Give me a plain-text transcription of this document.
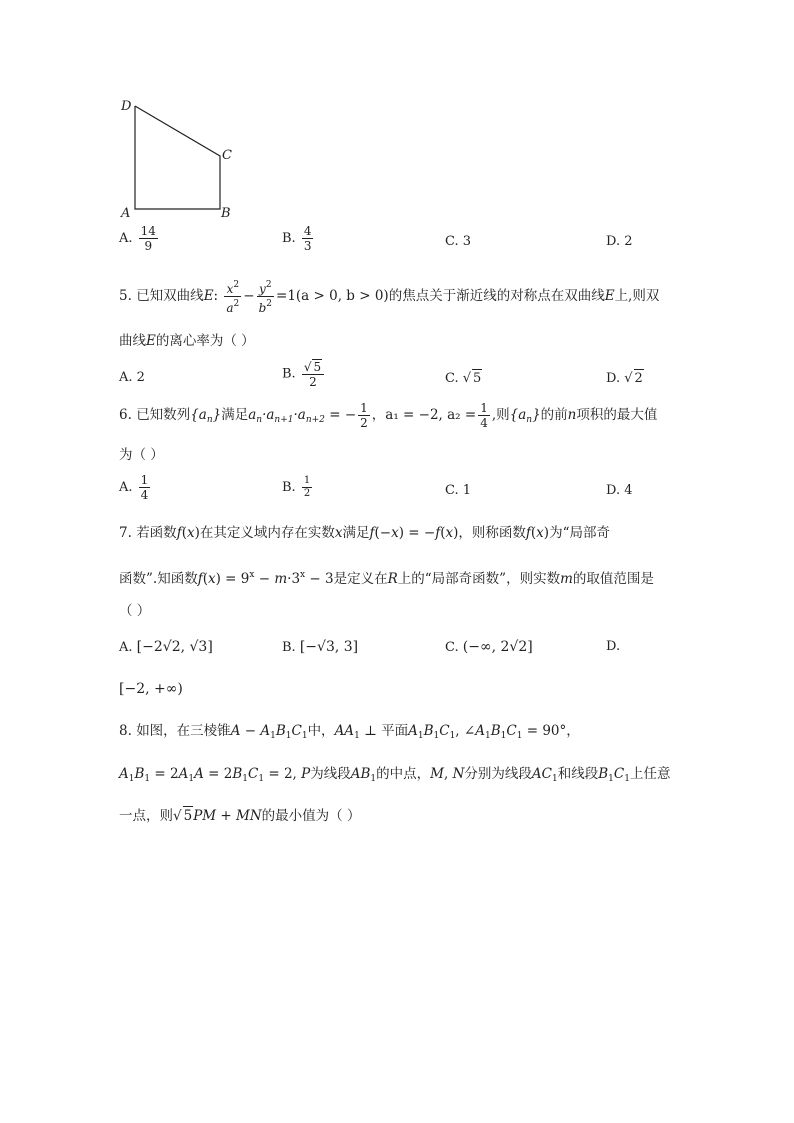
D
C
A	B
A. $\frac{14}{9}$	B. $\frac{4}{3}$	C. 3	D. 2
5. 已知双曲线E: $\frac{x^2}{a^2} - \frac{y^2}{b^2} =1(a > 0$, b > 0)的焦点关于渐近线的对称点在双曲线E上,则双
曲线E的离心率为（ ）
A. 2	B. $\frac{√ 5}{2}$	C. √ 5	D. √ 2
6. 已知数列$\{a_n\}$满足$a_n\cdot a_{n+1}\cdot a_{n+2}$ = − $\frac{1}{2}$ ，a₁ = −2, $a_2 = \frac{1}{4}$ ,则$\{a_n\}$的前n项积的最大值
为（ ）
A. $\frac{1}{4}$	B. $\frac{1}{2}$	C. 1	D. 4
7. 若函数f(x)在其定义域内存在实数x满足f(−x) = −f(x)，则称函数f(x)为“局部奇
函数”.知函数$f(x) = 9^x - m\cdot 3^x - 3$是定义在R上的“局部奇函数”，则实数m的取值范围是
（ ）
A. [−2√2, √3]	B. [−√3, 3]	C. (−∞, 2√2]	D.
[−2, +∞)
8. 如图，在三棱锥$A - A_1B_1C_1$中，$AA_1$ ⊥ 平面$A_1B_1C_1$, $\angle A_1B_1C_1 = 90^\circ$，
$A_1B_1 = 2A_1A = 2B_1C_1 = 2$, P为线段$AB_1$的中点，M, N分别为线段$AC_1$和线段$B_1C_1$上任意
一点，则√ 5PM + MN的最小值为（ ）
